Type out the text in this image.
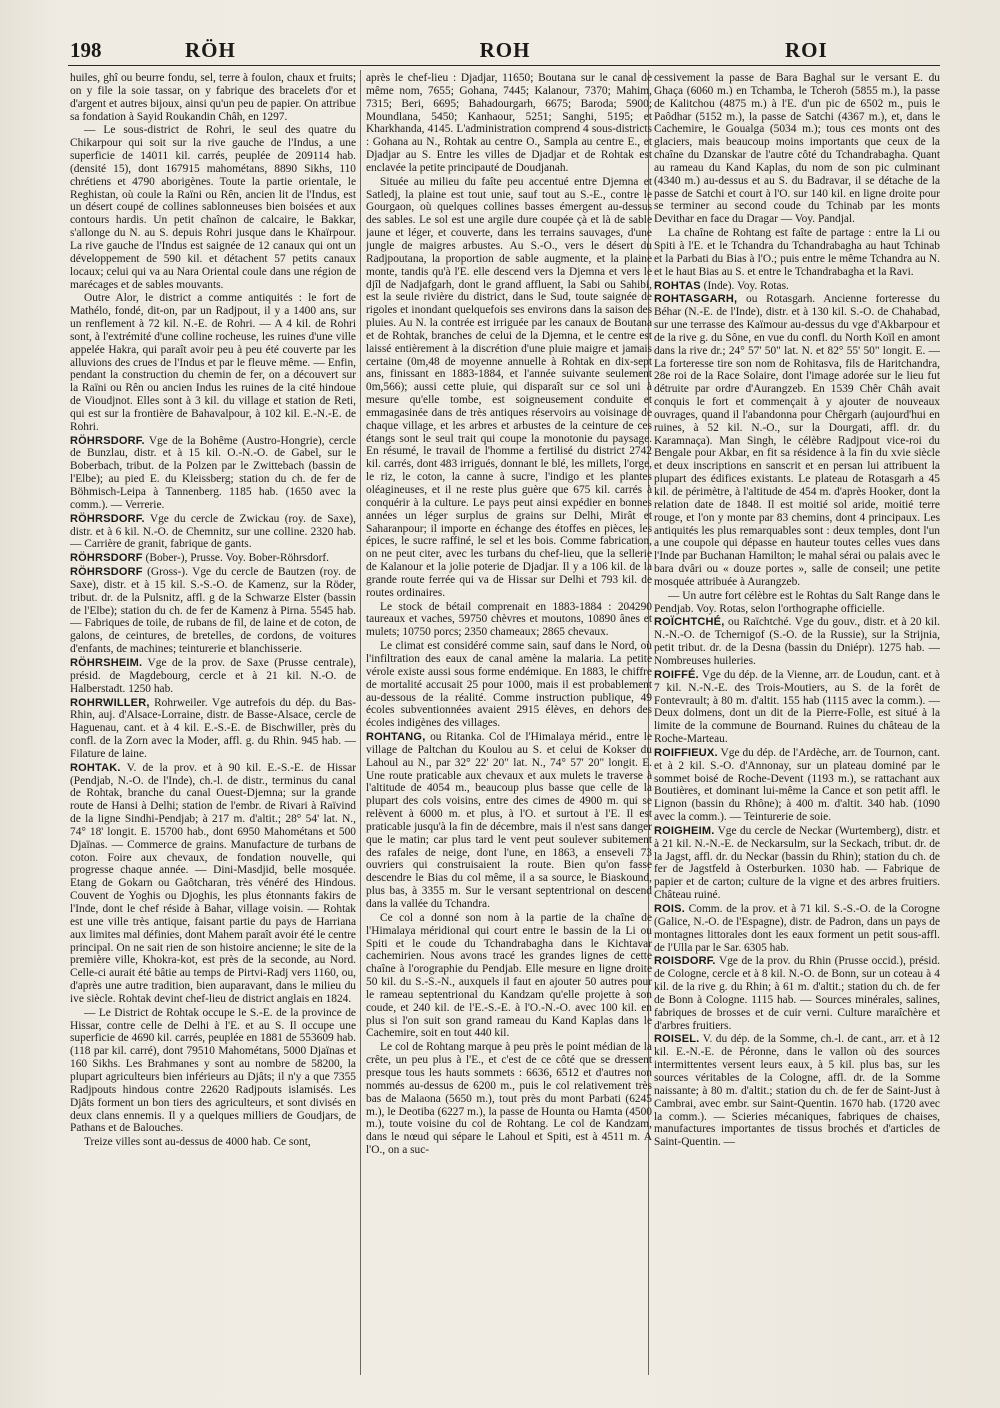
198	RÖH	ROH	ROI

huiles, ghî ou beurre fondu, sel, terre à foulon, chaux et fruits; on y file la soie tassar, on y fabrique des bracelets d'or et d'argent et autres bijoux, ainsi qu'un peu de papier. On attribue sa fondation à Sayid Roukandin Châh, en 1297.

— Le sous-district de Rohri, le seul des quatre du Chikarpour qui soit sur la rive gauche de l'Indus, a une superficie de 14011 kil. carrés, peuplée de 209114 hab. (densité 15), dont 167915 mahométans, 8890 Sikhs, 110 chrétiens et 4790 aborigènes. Toute la partie orientale, le Reghistan, où coule la Raïni ou Rên, ancien lit de l'Indus, est un désert coupé de collines sablonneuses bien boisées et aux contours hardis. Un petit chaînon de calcaire, le Bakkar, s'allonge du N. au S. depuis Rohri jusque dans le Khaïrpour. La rive gauche de l'Indus est saignée de 12 canaux qui ont un développement de 590 kil. et détachent 57 petits canaux locaux; celui qui va au Nara Oriental coule dans une région de marécages et de sables mouvants.

Outre Alor, le district a comme antiquités : le fort de Mathélo, fondé, dit-on, par un Radjpout, il y a 1400 ans, sur un renflement à 72 kil. N.-E. de Rohri. — A 4 kil. de Rohri sont, à l'extrémité d'une colline rocheuse, les ruines d'une ville appelée Hakra, qui paraît avoir peu à peu été couverte par les alluvions des crues de l'Indus et par le fleuve même. — Enfin, pendant la construction du chemin de fer, on a découvert sur la Raïni ou Rên ou ancien Indus les ruines de la cité hindoue de Vioudjnot. Elles sont à 3 kil. du village et station de Reti, qui est sur la frontière de Bahavalpour, à 102 kil. E.-N.-E. de Rohri.

RÖHRSDORF. Vge de la Bohême (Austro-Hongrie), cercle de Bunzlau, distr. et à 15 kil. O.-N.-O. de Gabel, sur le Boberbach, tribut. de la Polzen par le Zwittebach (bassin de l'Elbe); au pied E. du Kleissberg; station du ch. de fer de Böhmisch-Leipa à Tannenberg. 1185 hab. (1650 avec la comm.). — Verrerie.

RÖHRSDORF. Vge du cercle de Zwickau (roy. de Saxe), distr. et à 6 kil. N.-O. de Chemnitz, sur une colline. 2320 hab. — Carrière de granit, fabrique de gants.

RÖHRSDORF (Bober-), Prusse. Voy. Bober-Röhrsdorf.

RÖHRSDORF (Gross-). Vge du cercle de Bautzen (roy. de Saxe), distr. et à 15 kil. S.-S.-O. de Kamenz, sur la Röder, tribut. dr. de la Pulsnitz, affl. g de la Schwarze Elster (bassin de l'Elbe); station du ch. de fer de Kamenz à Pirna. 5545 hab. — Fabriques de toile, de rubans de fil, de laine et de coton, de galons, de ceintures, de bretelles, de cordons, de voitures d'enfants, de machines; teinturerie et blanchisserie.

RÖHRSHEIM. Vge de la prov. de Saxe (Prusse centrale), présid. de Magdebourg, cercle et à 21 kil. N.-O. de Halberstadt. 1250 hab.

ROHRWILLER, Rohrweiler. Vge autrefois du dép. du Bas-Rhin, auj. d'Alsace-Lorraine, distr. de Basse-Alsace, cercle de Haguenau, cant. et à 4 kil. E.-S.-E. de Bischwiller, près du confl. de la Zorn avec la Moder, affl. g. du Rhin. 945 hab. — Filature de laine.

ROHTAK. V. de la prov. et à 90 kil. E.-S.-E. de Hissar (Pendjab, N.-O. de l'Inde), ch.-l. de distr., terminus du canal de Rohtak, branche du canal Ouest-Djemna; sur la grande route de Hansi à Delhi; station de l'embr. de Rivari à Raïvind de la ligne Sindhi-Pendjab; à 217 m. d'altit.; 28° 54' lat. N., 74° 18' longit. E. 15700 hab., dont 6950 Mahométans et 500 Djaïnas. — Commerce de grains. Manufacture de turbans de coton. Foire aux chevaux, de fondation nouvelle, qui progresse chaque année. — Dini-Masdjid, belle mosquée. Etang de Gokarn ou Gaôtcharan, très vénéré des Hindous. Couvent de Yoghis ou Djoghis, les plus étonnants fakirs de l'Inde, dont le chef réside à Bahar, village voisin. — Rohtak est une ville très antique, faisant partie du pays de Harriana aux limites mal définies, dont Mahem paraît avoir été le centre principal. On ne sait rien de son histoire ancienne; le site de la première ville, Khokra-kot, est près de la seconde, au Nord. Celle-ci aurait été bâtie au temps de Pirtvi-Radj vers 1160, ou, d'après une autre tradition, bien auparavant, dans le milieu du ive siècle. Rohtak devint chef-lieu de district anglais en 1824.

— Le District de Rohtak occupe le S.-E. de la province de Hissar, contre celle de Delhi à l'E. et au S. Il occupe une superficie de 4690 kil. carrés, peuplée en 1881 de 553609 hab. (118 par kil. carré), dont 79510 Mahométans, 5000 Djaïnas et 160 Sikhs. Les Brahmanes y sont au nombre de 58200, la plupart agriculteurs bien inférieurs au Djâts; il n'y a que 7355 Radjpouts hindous contre 22620 Radjpouts islamisés. Les Djâts forment un bon tiers des agriculteurs, et sont divisés en deux clans ennemis. Il y a quelques milliers de Goudjars, de Pathans et de Balouches.

Treize villes sont au-dessus de 4000 hab. Ce sont,

après le chef-lieu : Djadjar, 11650; Boutana sur le canal de même nom, 7655; Gohana, 7445; Kalanour, 7370; Mahim, 7315; Beri, 6695; Bahadourgarh, 6675; Baroda; 5900; Moundlana, 5450; Kanhaour, 5251; Sanghi, 5195; et Kharkhanda, 4145. L'administration comprend 4 sous-districts : Gohana au N., Rohtak au centre O., Sampla au centre E., et Djadjar au S. Entre les villes de Djadjar et de Rohtak est enclavée la petite principauté de Doudjanah.

Située au milieu du faîte peu accentué entre Djemna et Satledj, la plaine est tout unie, sauf tout au S.-E., contre le Gourgaon, où quelques collines basses émergent au-dessus des sables. Le sol est une argile dure coupée çà et là de sable jaune et léger, et couverte, dans les terrains sauvages, d'une jungle de maigres arbustes. Au S.-O., vers le désert du Radjpoutana, la proportion de sable augmente, et la plaine monte, tandis qu'à l'E. elle descend vers la Djemna et vers le djîl de Nadjafgarh, dont le grand affluent, la Sabi ou Sahibi, est la seule rivière du district, dans le Sud, toute saignée de rigoles et inondant quelquefois ses environs dans la saison des pluies. Au N. la contrée est irriguée par les canaux de Boutana et de Rohtak, branches de celui de la Djemna, et le centre est laissé entièrement à la discrétion d'une pluie maigre et jamais certaine (0m,48 de moyenne annuelle à Rohtak en dix-sept ans, finissant en 1883-1884, et l'année suivante seulement 0m,566); aussi cette pluie, qui disparaît sur ce sol uni à mesure qu'elle tombe, est soigneusement conduite et emmagasinée dans de très antiques réservoirs au voisinage de chaque village, et les arbres et arbustes de la ceinture de ces étangs sont le seul trait qui coupe la monotonie du paysage. En résumé, le travail de l'homme a fertilisé du district 2742 kil. carrés, dont 483 irrigués, donnant le blé, les millets, l'orge, le riz, le coton, la canne à sucre, l'indigo et les plantes oléagineuses, et il ne reste plus guère que 675 kil. carrés à conquérir à la culture. Le pays peut ainsi expédier en bonnes années un léger surplus de grains sur Delhi, Mirât et Saharanpour; il importe en échange des étoffes en pièces, les épices, le sucre raffiné, le sel et les bois. Comme fabrication, on ne peut citer, avec les turbans du chef-lieu, que la sellerie de Kalanour et la jolie poterie de Djadjar. Il y a 106 kil. de la grande route ferrée qui va de Hissar sur Delhi et 793 kil. de routes ordinaires.

Le stock de bétail comprenait en 1883-1884 : 204290 taureaux et vaches, 59750 chèvres et moutons, 10890 ânes et mulets; 10750 porcs; 2350 chameaux; 2865 chevaux.

Le climat est considéré comme sain, sauf dans le Nord, où l'infiltration des eaux de canal amène la malaria. La petite vérole existe aussi sous forme endémique. En 1883, le chiffre de mortalité accusait 25 pour 1000, mais il est probablement au-dessous de la réalité. Comme instruction publique, 49 écoles subventionnées avaient 2915 élèves, en dehors des écoles indigènes des villages.

ROHTANG, ou Ritanka. Col de l'Himalaya mérid., entre le village de Paltchan du Koulou au S. et celui de Kokser du Lahoul au N., par 32° 22' 20" lat. N., 74° 57' 20" longit. E. Une route praticable aux chevaux et aux mulets le traverse à l'altitude de 4054 m., beaucoup plus basse que celle de la plupart des cols voisins, entre des cimes de 4900 m. qui se relèvent à 6000 m. et plus, à l'O. et surtout à l'E. Il est praticable jusqu'à la fin de décembre, mais il n'est sans danger que le matin; car plus tard le vent peut soulever subitement des rafales de neige, dont l'une, en 1863, a enseveli 73 ouvriers qui construisaient la route. Bien qu'on fasse descendre le Bias du col même, il a sa source, le Biaskound, plus bas, à 3355 m. Sur le versant septentrional on descend dans la vallée du Tchandra.

Ce col a donné son nom à la partie de la chaîne de l'Himalaya méridional qui court entre le bassin de la Li ou Spiti et le coude du Tchandrabagha dans le Kichtavar cachemirien. Nous avons tracé les grandes lignes de cette chaîne à l'orographie du Pendjab. Elle mesure en ligne droite 50 kil. du S.-S.-N., auxquels il faut en ajouter 50 autres pour le rameau septentrional du Kandzam qu'elle projette à son coude, et 240 kil. de l'E.-S.-E. à l'O.-N.-O. avec 100 kil. en plus si l'on suit son grand rameau du Kand Kaplas dans le Cachemire, soit en tout 440 kil.

Le col de Rohtang marque à peu près le point médian de la crête, un peu plus à l'E., et c'est de ce côté que se dressent presque tous les hauts sommets : 6636, 6512 et d'autres non nommés au-dessus de 6200 m., puis le col relativement très bas de Malaona (5650 m.), tout près du mont Parbati (6245 m.), le Deotiba (6227 m.), la passe de Hounta ou Hamta (4500 m.), toute voisine du col de Rohtang. Le col de Kandzam, dans le nœud qui sépare le Lahoul et Spiti, est à 4511 m. A l'O., on a suc-

cessivement la passe de Bara Baghal sur le versant E. du Ghaça (6060 m.) en Tchamba, le Tcheroh (5855 m.), la passe de Kalitchou (4875 m.) à l'E. d'un pic de 6502 m., puis le Paôdhar (5152 m.), la passe de Satchi (4367 m.), et, dans le Cachemire, le Goualga (5034 m.); tous ces monts ont des glaciers, mais beaucoup moins importants que ceux de la chaîne du Dzanskar de l'autre côté du Tchandrabagha. Quant au rameau du Kand Kaplas, du nom de son pic culminant (4340 m.) au-dessus et au S. du Badravar, il se détache de la passe de Satchi et court à l'O. sur 140 kil. en ligne droite pour se terminer au second coude du Tchinab par les monts Devithar en face du Dragar — Voy. Pandjal.

La chaîne de Rohtang est faîte de partage : entre la Li ou Spiti à l'E. et le Tchandra du Tchandrabagha au haut Tchinab et la Parbati du Bias à l'O.; puis entre le même Tchandra au N. et le haut Bias au S. et entre le Tchandrabagha et la Ravi.

ROHTAS (Inde). Voy. Rotas.

ROHTASGARH, ou Rotasgarh. Ancienne forteresse du Béhar (N.-E. de l'Inde), distr. et à 130 kil. S.-O. de Chahabad, sur une terrasse des Kaïmour au-dessus du vge d'Akbarpour et de la rive g. du Sône, en vue du confl. du North Koïl en amont dans la rive dr.; 24° 57' 50" lat. N. et 82° 55' 50" longit. E. — La forteresse tire son nom de Rohitasva, fils de Haritchandra, 28e roi de la Race Solaire, dont l'image adorée sur le lieu fut détruite par ordre d'Aurangzeb. En 1539 Chêr Châh avait conquis le fort et commençait à y ajouter de nouveaux ouvrages, quand il l'abandonna pour Chêrgarh (aujourd'hui en ruines, à 52 kil. N.-O., sur la Dourgati, affl. dr. du Karamnaça). Man Singh, le célèbre Radjpout vice-roi du Bengale pour Akbar, en fit sa résidence à la fin du xvie siècle et deux inscriptions en sanscrit et en persan lui attribuent la plupart des édifices existants. Le plateau de Rotasgarh a 45 kil. de périmètre, à l'altitude de 454 m. d'après Hooker, dont la relation date de 1848. Il est moitié sol aride, moitié terre rouge, et l'on y monte par 83 chemins, dont 4 principaux. Les antiquités les plus remarquables sont : deux temples, dont l'un a une coupole qui dépasse en hauteur toutes celles vues dans l'Inde par Buchanan Hamilton; le mahal sérai ou palais avec le bara dvâri ou « douze portes », salle de conseil; une petite mosquée attribuée à Aurangzeb.

— Un autre fort célèbre est le Rohtas du Salt Range dans le Pendjab. Voy. Rotas, selon l'orthographe officielle.

ROÏCHTCHÉ, ou Raïchtché. Vge du gouv., distr. et à 20 kil. N.-N.-O. de Tchernigof (S.-O. de la Russie), sur la Strijnia, petit tribut. dr. de la Desna (bassin du Dniépr). 1275 hab. — Nombreuses huileries.

ROIFFÉ. Vge du dép. de la Vienne, arr. de Loudun, cant. et à 7 kil. N.-N.-E. des Trois-Moutiers, au S. de la forêt de Fontevrault; à 80 m. d'altit. 155 hab (1115 avec la comm.). — Deux dolmens, dont un dit de la Pierre-Folle, est situé à la limite de la commune de Bournand. Ruines du château de la Roche-Marteau.

ROIFFIEUX. Vge du dép. de l'Ardèche, arr. de Tournon, cant. et à 2 kil. S.-O. d'Annonay, sur un plateau dominé par le sommet boisé de Roche-Devent (1193 m.), se rattachant aux Boutières, et dominant lui-même la Cance et son petit affl. le Lignon (bassin du Rhône); à 400 m. d'altit. 340 hab. (1090 avec la comm.). — Teinturerie de soie.

ROIGHEIM. Vge du cercle de Neckar (Wurtemberg), distr. et à 21 kil. N.-N.-E. de Neckarsulm, sur la Seckach, tribut. dr. de la Jagst, affl. dr. du Neckar (bassin du Rhin); station du ch. de fer de Jagstfeld à Osterburken. 1030 hab. — Fabrique de papier et de carton; culture de la vigne et des arbres fruitiers. Château ruiné.

ROIS. Comm. de la prov. et à 71 kil. S.-S.-O. de la Corogne (Galice, N.-O. de l'Espagne), distr. de Padron, dans un pays de montagnes littorales dont les eaux forment un petit sous-affl. de l'Ulla par le Sar. 6305 hab.

ROISDORF. Vge de la prov. du Rhin (Prusse occid.), présid. de Cologne, cercle et à 8 kil. N.-O. de Bonn, sur un coteau à 4 kil. de la rive g. du Rhin; à 61 m. d'altit.; station du ch. de fer de Bonn à Cologne. 1115 hab. — Sources minérales, salines, fabriques de brosses et de cuir verni. Culture maraîchère et d'arbres fruitiers.

ROISEL. V. du dép. de la Somme, ch.-l. de cant., arr. et à 12 kil. E.-N.-E. de Péronne, dans le vallon où des sources intermittentes versent leurs eaux, à 5 kil. plus bas, sur les sources véritables de la Cologne, affl. dr. de la Somme naissante; à 80 m. d'altit.; station du ch. de fer de Saint-Just à Cambrai, avec embr. sur Saint-Quentin. 1670 hab. (1720 avec la comm.). — Scieries mécaniques, fabriques de chaises, manufactures importantes de tissus brochés et d'articles de Saint-Quentin. —
